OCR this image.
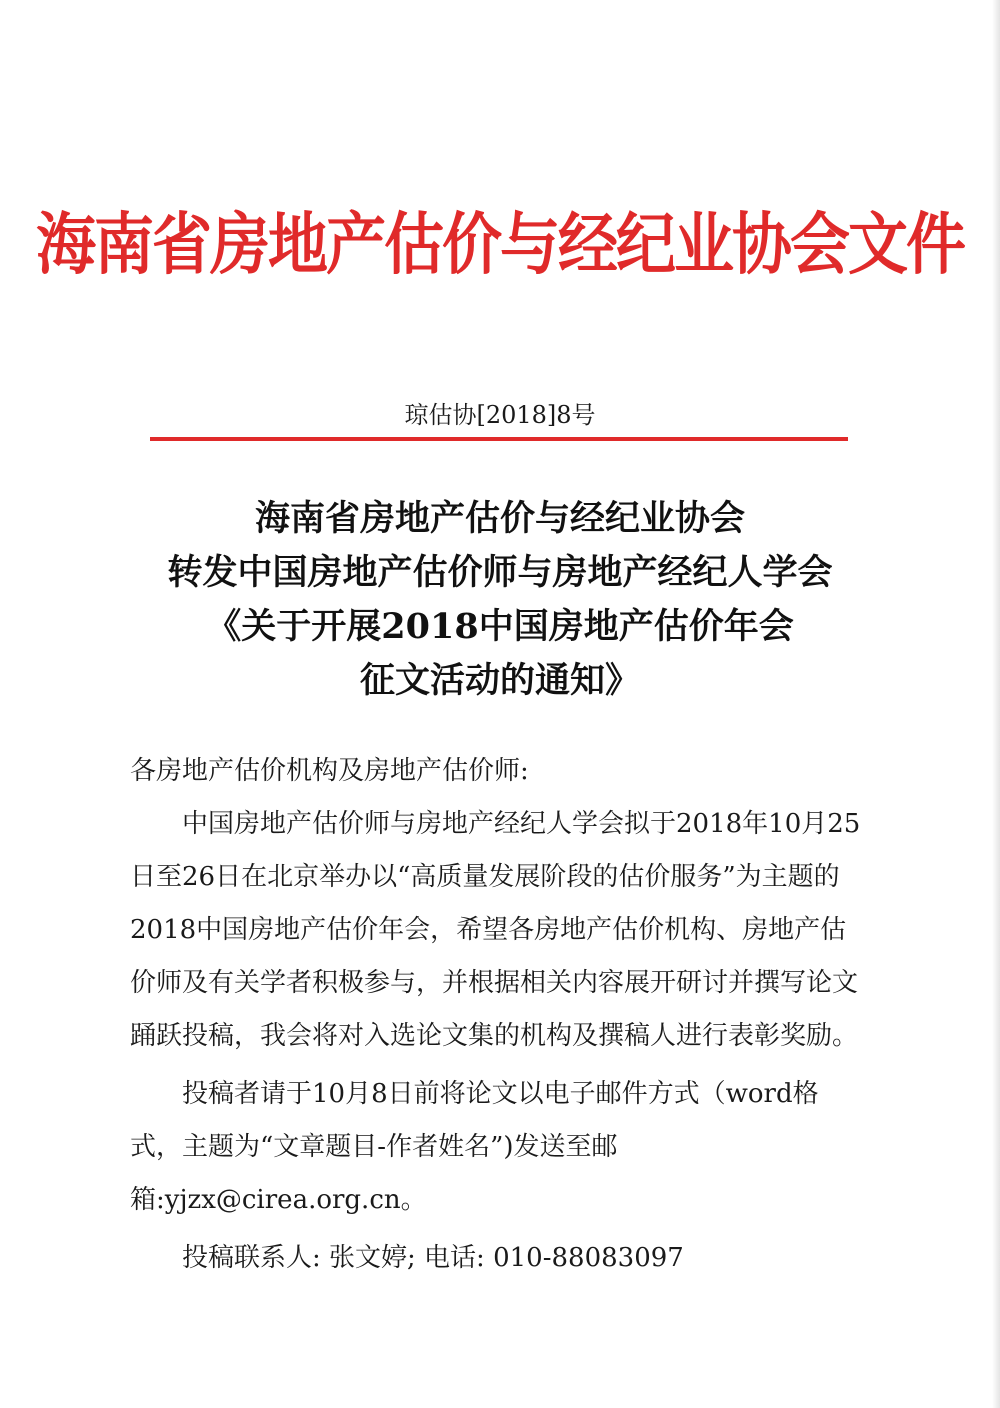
海南省房地产估价与经纪业协会文件
琼估协[2018]8号
海南省房地产估价与经纪业协会
转发中国房地产估价师与房地产经纪人学会
《关于开展2018中国房地产估价年会
征文活动的通知》

各房地产估价机构及房地产估价师:

中国房地产估价师与房地产经纪人学会拟于2018年10月25日至26日在北京举办以“高质量发展阶段的估价服务”为主题的2018中国房地产估价年会，希望各房地产估价机构、房地产估价师及有关学者积极参与，并根据相关内容展开研讨并撰写论文踊跃投稿，我会将对入选论文集的机构及撰稿人进行表彰奖励。

投稿者请于10月8日前将论文以电子邮件方式（word格式，主题为“文章题目-作者姓名”)发送至邮箱:yjzx@cirea.org.cn。

投稿联系人: 张文婷; 电话: 010-88083097
